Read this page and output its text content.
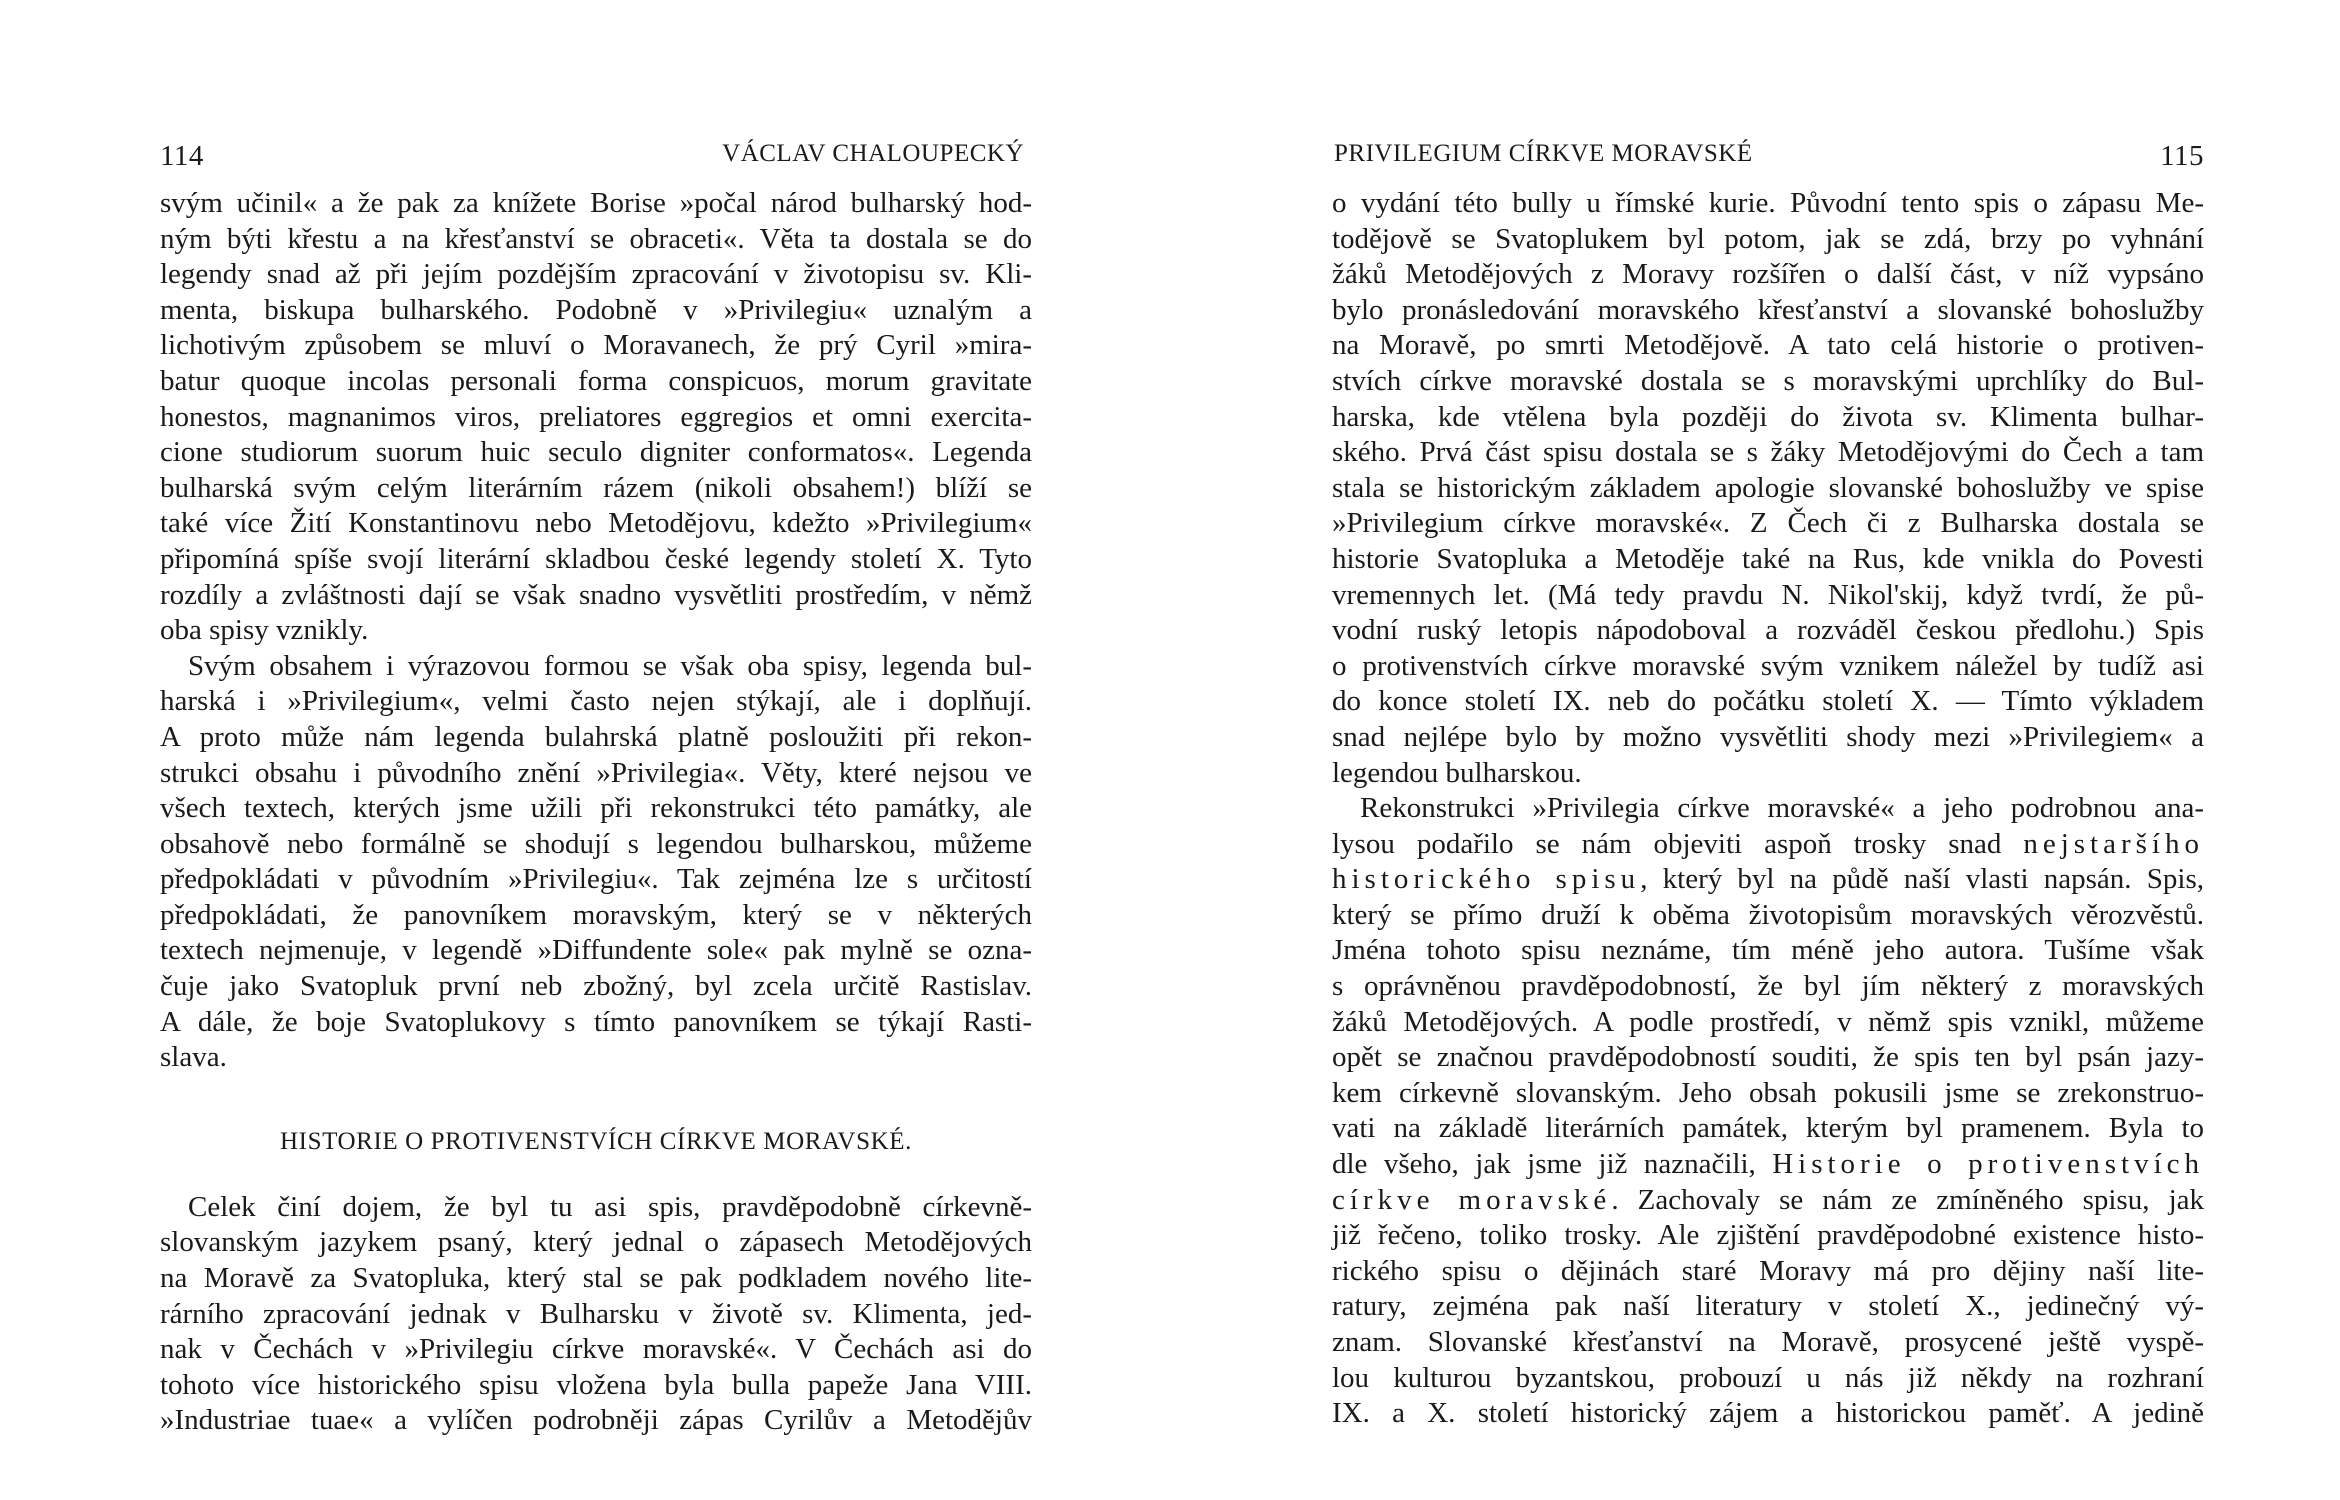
114	VÁCLAV CHALOUPECKÝ

svým učinil« a že pak za knížete Borise »počal národ bulharský hod-
ným býti křestu a na křesťanství se obraceti«. Věta ta dostala se do
legendy snad až při jejím pozdějším zpracování v životopisu sv. Kli-
menta, biskupa bulharského. Podobně v »Privilegiu« uznalým a
lichotivým způsobem se mluví o Moravanech, že prý Cyril »mira-
batur quoque incolas personali forma conspicuos, morum gravitate
honestos, magnanimos viros, preliatores eggregios et omni exercita-
cione studiorum suorum huic seculo digniter conformatos«. Legenda
bulharská svým celým literárním rázem (nikoli obsahem!) blíží se
také více Žití Konstantinovu nebo Metodějovu, kdežto »Privilegium«
připomíná spíše svojí literární skladbou české legendy století X. Tyto
rozdíly a zvláštnosti dají se však snadno vysvětliti prostředím, v němž
oba spisy vznikly.

Svým obsahem i výrazovou formou se však oba spisy, legenda bul-
harská i »Privilegium«, velmi často nejen stýkají, ale i doplňují.
A proto může nám legenda bulahrská platně posloužiti při rekon-
strukci obsahu i původního znění »Privilegia«. Věty, které nejsou ve
všech textech, kterých jsme užili při rekonstrukci této památky, ale
obsahově nebo formálně se shodují s legendou bulharskou, můžeme
předpokládati v původním »Privilegiu«. Tak zejména lze s určitostí
předpokládati, že panovníkem moravským, který se v některých
textech nejmenuje, v legendě »Diffundente sole« pak mylně se ozna-
čuje jako Svatopluk první neb zbožný, byl zcela určitě Rastislav.
A dále, že boje Svatoplukovy s tímto panovníkem se týkají Rasti-
slava.

HISTORIE O PROTIVENSTVÍCH CÍRKVE MORAVSKÉ.

Celek činí dojem, že byl tu asi spis, pravděpodobně církevně-
slovanským jazykem psaný, který jednal o zápasech Metodějových
na Moravě za Svatopluka, který stal se pak podkladem nového lite-
rárního zpracování jednak v Bulharsku v životě sv. Klimenta, jed-
nak v Čechách v »Privilegiu církve moravské«. V Čechách asi do
tohoto více historického spisu vložena byla bulla papeže Jana VIII.
»Industriae tuae« a vylíčen podrobněji zápas Cyrilův a Metodějův

PRIVILEGIUM CÍRKVE MORAVSKÉ	115

o vydání této bully u římské kurie. Původní tento spis o zápasu Me-
todějově se Svatoplukem byl potom, jak se zdá, brzy po vyhnání
žáků Metodějových z Moravy rozšířen o další část, v níž vypsáno
bylo pronásledování moravského křesťanství a slovanské bohoslužby
na Moravě, po smrti Metodějově. A tato celá historie o protiven-
stvích církve moravské dostala se s moravskými uprchlíky do Bul-
harska, kde vtělena byla později do života sv. Klimenta bulhar-
ského. Prvá část spisu dostala se s žáky Metodějovými do Čech a tam
stala se historickým základem apologie slovanské bohoslužby ve spise
»Privilegium církve moravské«. Z Čech či z Bulharska dostala se
historie Svatopluka a Metoděje také na Rus, kde vnikla do Povesti
vremennych let. (Má tedy pravdu N. Nikol'skij, když tvrdí, že pů-
vodní ruský letopis nápodoboval a rozváděl českou předlohu.) Spis
o protivenstvích církve moravské svým vznikem náležel by tudíž asi
do konce století IX. neb do počátku století X. — Tímto výkladem
snad nejlépe bylo by možno vysvětliti shody mezi »Privilegiem« a
legendou bulharskou.

Rekonstrukci »Privilegia církve moravské« a jeho podrobnou ana-
lysou podařilo se nám objeviti aspoň trosky snad nejstaršího
historického spisu, který byl na půdě naší vlasti napsán. Spis,
který se přímo druží k oběma životopisům moravských věrozvěstů.
Jména tohoto spisu neznáme, tím méně jeho autora. Tušíme však
s oprávněnou pravděpodobností, že byl jím některý z moravských
žáků Metodějových. A podle prostředí, v němž spis vznikl, můžeme
opět se značnou pravděpodobností souditi, že spis ten byl psán jazy-
kem církevně slovanským. Jeho obsah pokusili jsme se zrekonstruo-
vati na základě literárních památek, kterým byl pramenem. Byla to
dle všeho, jak jsme již naznačili, Historie o protivenstvích
církve moravské. Zachovaly se nám ze zmíněného spisu, jak
již řečeno, toliko trosky. Ale zjištění pravděpodobné existence histo-
rického spisu o dějinách staré Moravy má pro dějiny naší lite-
ratury, zejména pak naší literatury v století X., jedinečný vý-
znam. Slovanské křesťanství na Moravě, prosycené ještě vyspě-
lou kulturou byzantskou, probouzí u nás již někdy na rozhraní
IX. a X. století historický zájem a historickou paměť. A jedině
